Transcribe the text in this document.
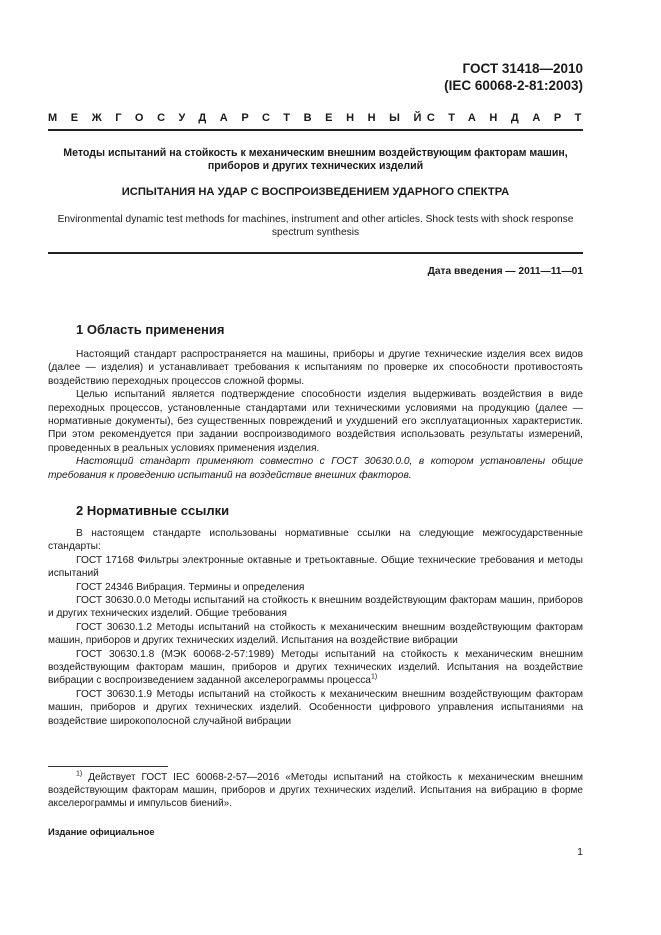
ГОСТ 31418—2010
(IEC 60068-2-81:2003)
МЕЖГОСУДАРСТВЕННЫЙ
СТАНДАРТ
Методы испытаний на стойкость к механическим внешним воздействующим факторам машин, приборов и других технических изделий
ИСПЫТАНИЯ НА УДАР С ВОСПРОИЗВЕДЕНИЕМ УДАРНОГО СПЕКТРА
Environmental dynamic test methods for machines, instrument and other articles. Shock tests with shock response spectrum synthesis
Дата введения — 2011—11—01
1 Область применения

Настоящий стандарт распространяется на машины, приборы и другие технические изделия всех видов (далее — изделия) и устанавливает требования к испытаниям по проверке их способности противостоять воздействию переходных процессов сложной формы.

Целью испытаний является подтверждение способности изделия выдерживать воздействия в виде переходных процессов, установленные стандартами или техническими условиями на продукцию (далее — нормативные документы), без существенных повреждений и ухудшений его эксплуатационных характеристик. При этом рекомендуется при задании воспроизводимого воздействия использовать результаты измерений, проведенных в реальных условиях применения изделия.

Настоящий стандарт применяют совместно с ГОСТ 30630.0.0, в котором установлены общие требования к проведению испытаний на воздействие внешних факторов.

2 Нормативные ссылки

В настоящем стандарте использованы нормативные ссылки на следующие межгосударственные стандарты:

ГОСТ 17168 Фильтры электронные октавные и третьоктавные. Общие технические требования и методы испытаний

ГОСТ 24346 Вибрация. Термины и определения

ГОСТ 30630.0.0 Методы испытаний на стойкость к внешним воздействующим факторам машин, приборов и других технических изделий. Общие требования

ГОСТ 30630.1.2 Методы испытаний на стойкость к механическим внешним воздействующим факторам машин, приборов и других технических изделий. Испытания на воздействие вибрации

ГОСТ 30630.1.8 (МЭК 60068-2-57:1989) Методы испытаний на стойкость к механическим внешним воздействующим факторам машин, приборов и других технических изделий. Испытания на воздействие вибрации с воспроизведением заданной акселерограммы процесса$^{1)}$

ГОСТ 30630.1.9 Методы испытаний на стойкость к механическим внешним воздействующим факторам машин, приборов и других технических изделий. Особенности цифрового управления испытаниями на воздействие широкополосной случайной вибрации

$^{1)}$ Действует ГОСТ IEC 60068-2-57—2016 «Методы испытаний на стойкость к механическим внешним воздействующим факторам машин, приборов и других технических изделий. Испытания на вибрацию в форме акселерограммы и импульсов биений».
Издание официальное
1
